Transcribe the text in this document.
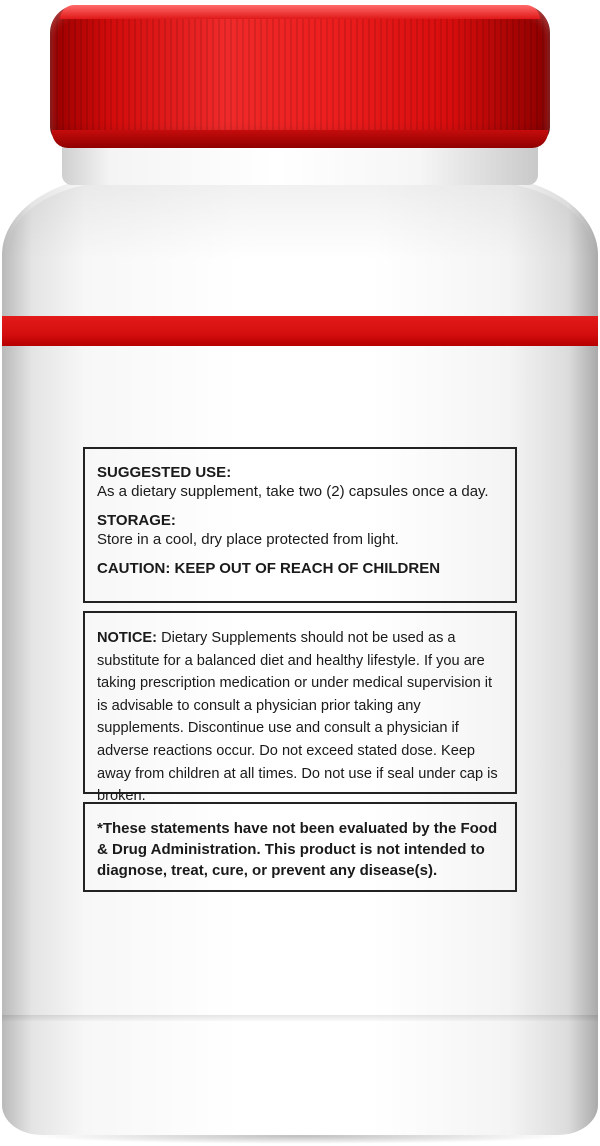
SUGGESTED USE:

As a dietary supplement, take two (2) capsules once a day.

STORAGE:

Store in a cool, dry place protected from light.

CAUTION: KEEP OUT OF REACH OF CHILDREN

NOTICE: Dietary Supplements should not be used as a substitute for a balanced diet and healthy lifestyle. If you are taking prescription medication or under medical supervision it is advisable to consult a physician prior taking any supplements. Discontinue use and consult a physician if adverse reactions occur. Do not exceed stated dose. Keep away from children at all times. Do not use if seal under cap is broken.

*These statements have not been evaluated by the Food & Drug Administration. This product is not intended to diagnose, treat, cure, or prevent any disease(s).
